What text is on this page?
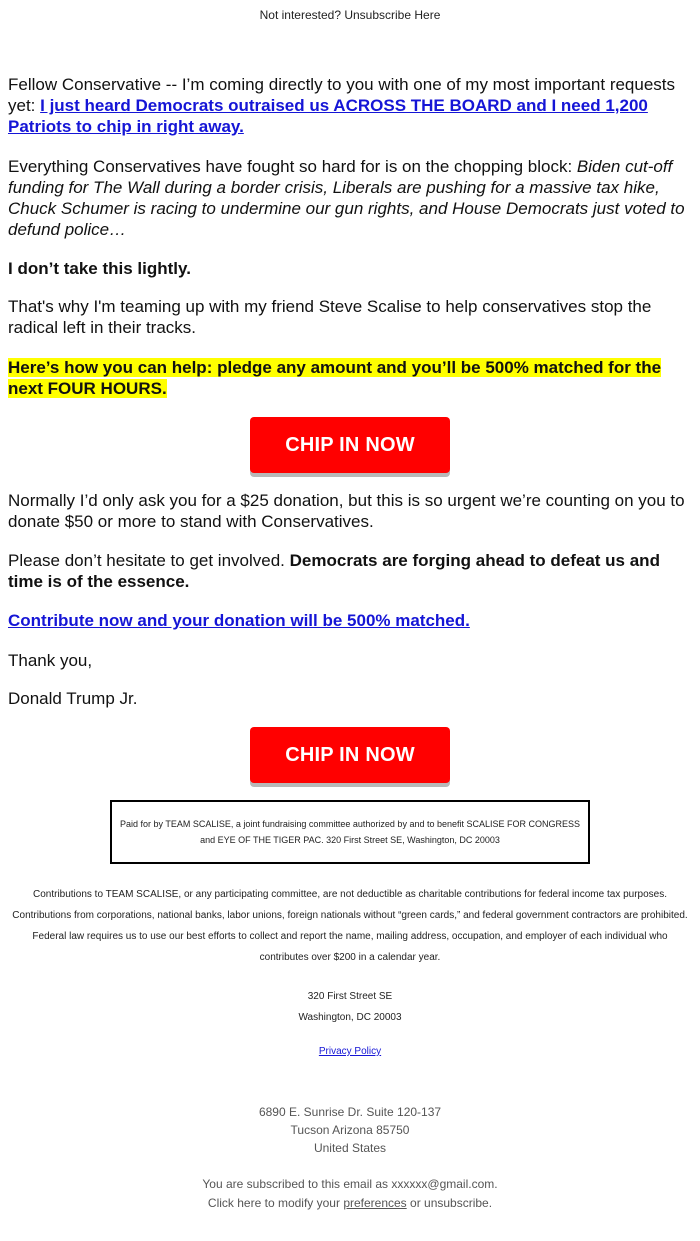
Not interested? Unsubscribe Here
Fellow Conservative -- I’m coming directly to you with one of my most important requests yet: I just heard Democrats outraised us ACROSS THE BOARD and I need 1,200 Patriots to chip in right away.
Everything Conservatives have fought so hard for is on the chopping block: Biden cut-off funding for The Wall during a border crisis, Liberals are pushing for a massive tax hike, Chuck Schumer is racing to undermine our gun rights, and House Democrats just voted to defund police…
I don’t take this lightly.
That's why I'm teaming up with my friend Steve Scalise to help conservatives stop the radical left in their tracks.
Here’s how you can help: pledge any amount and you’ll be 500% matched for the next FOUR HOURS.
CHIP IN NOW
Normally I’d only ask you for a $25 donation, but this is so urgent we’re counting on you to donate $50 or more to stand with Conservatives.
Please don’t hesitate to get involved. Democrats are forging ahead to defeat us and time is of the essence.
Contribute now and your donation will be 500% matched.
Thank you,
Donald Trump Jr.
CHIP IN NOW
Paid for by TEAM SCALISE, a joint fundraising committee authorized by and to benefit SCALISE FOR CONGRESS and EYE OF THE TIGER PAC. 320 First Street SE, Washington, DC 20003
Contributions to TEAM SCALISE, or any participating committee, are not deductible as charitable contributions for federal income tax purposes. Contributions from corporations, national banks, labor unions, foreign nationals without “green cards,” and federal government contractors are prohibited. Federal law requires us to use our best efforts to collect and report the name, mailing address, occupation, and employer of each individual who contributes over $200 in a calendar year.
320 First Street SE
Washington, DC 20003
Privacy Policy
6890 E. Sunrise Dr. Suite 120-137
Tucson Arizona 85750
United States
You are subscribed to this email as xxxxxx@gmail.com.
Click here to modify your preferences or unsubscribe.
